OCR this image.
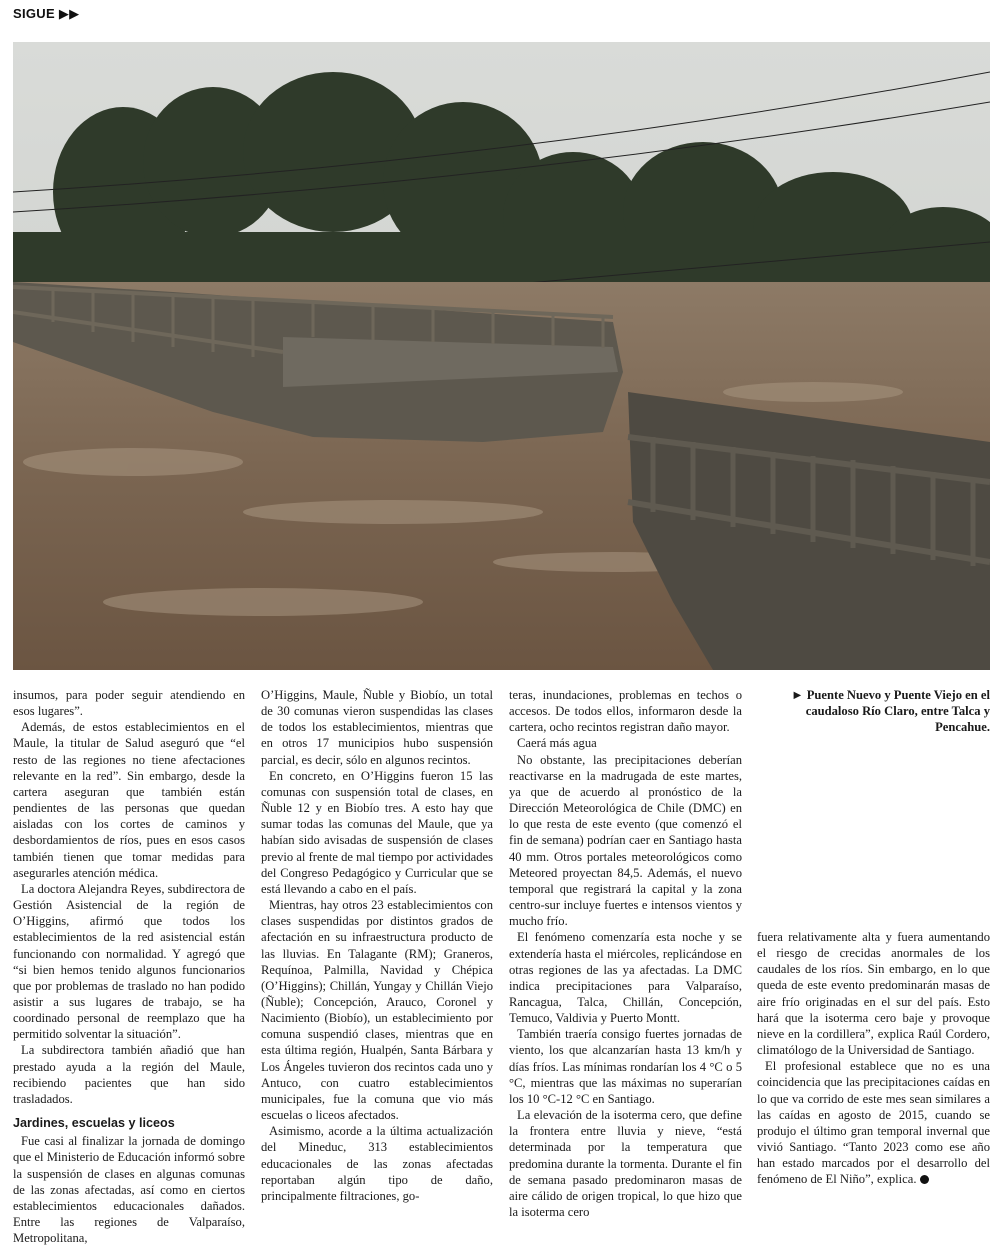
SIGUE ▶▶
► Puente Nuevo y Puente Viejo en el caudaloso Río Claro, entre Talca y Pencahue.

insumos, para poder seguir atendiendo en esos lugares”.

Además, de estos establecimientos en el Maule, la titular de Salud aseguró que “el resto de las regiones no tiene afectaciones relevante en la red”. Sin embargo, desde la cartera aseguran que también están pendientes de las personas que quedan aisladas con los cortes de caminos y desbordamientos de ríos, pues en esos casos también tienen que tomar medidas para asegurarles atención médica.

La doctora Alejandra Reyes, subdirectora de Gestión Asistencial de la región de O’Higgins, afirmó que todos los establecimientos de la red asistencial están funcionando con normalidad. Y agregó que “si bien hemos tenido algunos funcionarios que por problemas de traslado no han podido asistir a sus lugares de trabajo, se ha coordinado personal de reemplazo que ha permitido solventar la situación”.

La subdirectora también añadió que han prestado ayuda a la región del Maule, recibiendo pacientes que han sido trasladados.

Jardines, escuelas y liceos

Fue casi al finalizar la jornada de domingo que el Ministerio de Educación informó sobre la suspensión de clases en algunas comunas de las zonas afectadas, así como en ciertos establecimientos educacionales dañados. Entre las regiones de Valparaíso, Metropolitana,

O’Higgins, Maule, Ñuble y Biobío, un total de 30 comunas vieron suspendidas las clases de todos los establecimientos, mientras que en otros 17 municipios hubo suspensión parcial, es decir, sólo en algunos recintos.

En concreto, en O’Higgins fueron 15 las comunas con suspensión total de clases, en Ñuble 12 y en Biobío tres. A esto hay que sumar todas las comunas del Maule, que ya habían sido avisadas de suspensión de clases previo al frente de mal tiempo por actividades del Congreso Pedagógico y Curricular que se está llevando a cabo en el país.

Mientras, hay otros 23 establecimientos con clases suspendidas por distintos grados de afectación en su infraestructura producto de las lluvias. En Talagante (RM); Graneros, Requínoa, Palmilla, Navidad y Chépica (O’Higgins); Chillán, Yungay y Chillán Viejo (Ñuble); Concepción, Arauco, Coronel y Nacimiento (Biobío), un establecimiento por comuna suspendió clases, mientras que en esta última región, Hualpén, Santa Bárbara y Los Ángeles tuvieron dos recintos cada uno y Antuco, con cuatro establecimientos municipales, fue la comuna que vio más escuelas o liceos afectados.

Asimismo, acorde a la última actualización del Mineduc, 313 establecimientos educacionales de las zonas afectadas reportaban algún tipo de daño, principalmente filtraciones, go-

teras, inundaciones, problemas en techos o accesos. De todos ellos, informaron desde la cartera, ocho recintos registran daño mayor.

Caerá más agua

No obstante, las precipitaciones deberían reactivarse en la madrugada de este martes, ya que de acuerdo al pronóstico de la Dirección Meteorológica de Chile (DMC) en lo que resta de este evento (que comenzó el fin de semana) podrían caer en Santiago hasta 40 mm. Otros portales meteorológicos como Meteored proyectan 84,5. Además, el nuevo temporal que registrará la capital y la zona centro-sur incluye fuertes e intensos vientos y mucho frío.

El fenómeno comenzaría esta noche y se extendería hasta el miércoles, replicándose en otras regiones de las ya afectadas. La DMC indica precipitaciones para Valparaíso, Rancagua, Talca, Chillán, Concepción, Temuco, Valdivia y Puerto Montt.

También traería consigo fuertes jornadas de viento, los que alcanzarían hasta 13 km/h y días fríos. Las mínimas rondarían los 4 °C o 5 °C, mientras que las máximas no superarían los 10 °C-12 °C en Santiago.

La elevación de la isoterma cero, que define la frontera entre lluvia y nieve, “está determinada por la temperatura que predomina durante la tormenta. Durante el fin de semana pasado predominaron masas de aire cálido de origen tropical, lo que hizo que la isoterma cero

fuera relativamente alta y fuera aumentando el riesgo de crecidas anormales de los caudales de los ríos. Sin embargo, en lo que queda de este evento predominarán masas de aire frío originadas en el sur del país. Esto hará que la isoterma cero baje y provoque nieve en la cordillera”, explica Raúl Cordero, climatólogo de la Universidad de Santiago.

El profesional establece que no es una coincidencia que las precipitaciones caídas en lo que va corrido de este mes sean similares a las caídas en agosto de 2015, cuando se produjo el último gran temporal invernal que vivió Santiago. “Tanto 2023 como ese año han estado marcados por el desarrollo del fenómeno de El Niño”, explica.
